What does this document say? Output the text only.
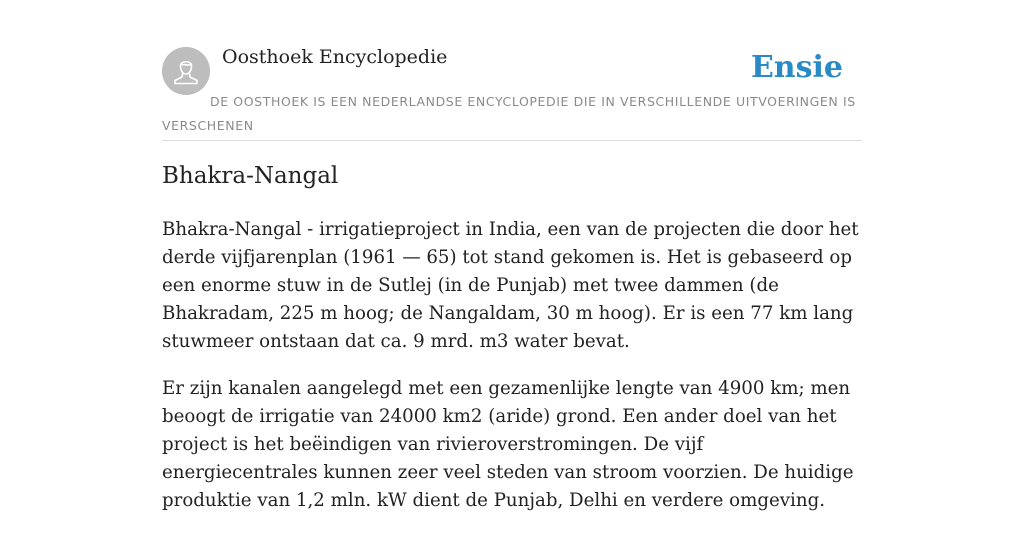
Oosthoek Encyclopedie	Ensie
DE OOSTHOEK IS EEN NEDERLANDSE ENCYCLOPEDIE DIE IN VERSCHILLENDE UITVOERINGEN IS VERSCHENEN
Bhakra-Nangal

Bhakra-Nangal - irrigatieproject in India, een van de projecten die door het derde vijfjarenplan (1961 — 65) tot stand gekomen is. Het is gebaseerd op een enorme stuw in de Sutlej (in de Punjab) met twee dammen (de Bhakradam, 225 m hoog; de Nangaldam, 30 m hoog). Er is een 77 km lang stuwmeer ontstaan dat ca. 9 mrd. m3 water bevat.

Er zijn kanalen aangelegd met een gezamenlijke lengte van 4900 km; men beoogt de irrigatie van 24000 km2 (aride) grond. Een ander doel van het project is het beëindigen van rivieroverstromingen. De vijf energiecentrales kunnen zeer veel steden van stroom voorzien. De huidige produktie van 1,2 mln. kW dient de Punjab, Delhi en verdere omgeving.
